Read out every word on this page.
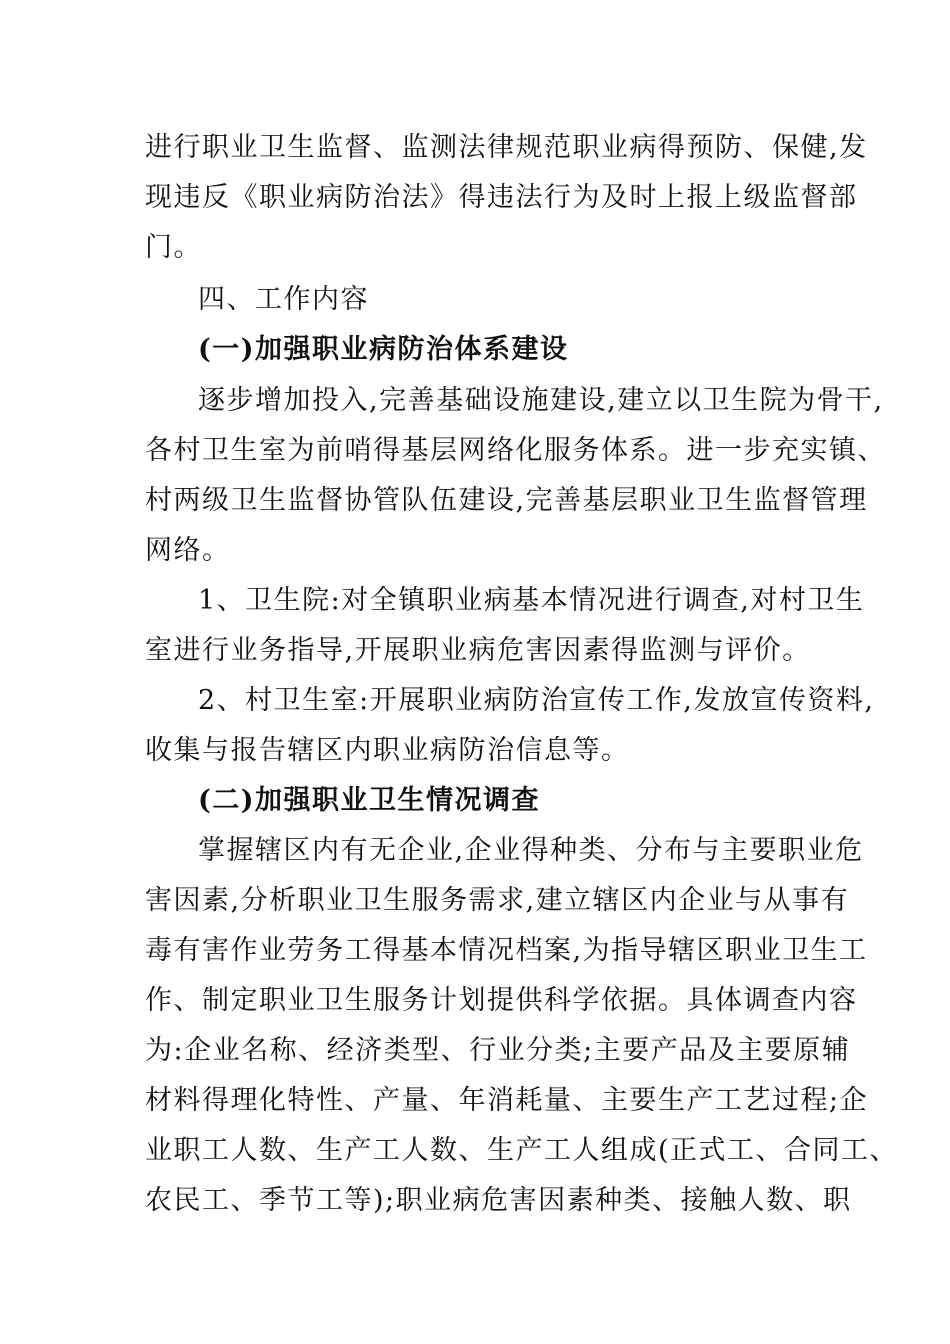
进行职业卫生监督、监测法律规范职业病得预防、保健,发
现违反《职业病防治法》得违法行为及时上报上级监督部
门。
四、工作内容
(一)加强职业病防治体系建设
逐步增加投入,完善基础设施建设,建立以卫生院为骨干,
各村卫生室为前哨得基层网络化服务体系。进一步充实镇、
村两级卫生监督协管队伍建设,完善基层职业卫生监督管理
网络。
1、卫生院:对全镇职业病基本情况进行调查,对村卫生
室进行业务指导,开展职业病危害因素得监测与评价。
2、村卫生室:开展职业病防治宣传工作,发放宣传资料,
收集与报告辖区内职业病防治信息等。
(二)加强职业卫生情况调查
掌握辖区内有无企业,企业得种类、分布与主要职业危
害因素,分析职业卫生服务需求,建立辖区内企业与从事有
毒有害作业劳务工得基本情况档案,为指导辖区职业卫生工
作、制定职业卫生服务计划提供科学依据。具体调查内容
为:企业名称、经济类型、行业分类;主要产品及主要原辅
材料得理化特性、产量、年消耗量、主要生产工艺过程;企
业职工人数、生产工人数、生产工人组成(正式工、合同工、
农民工、季节工等);职业病危害因素种类、接触人数、职
